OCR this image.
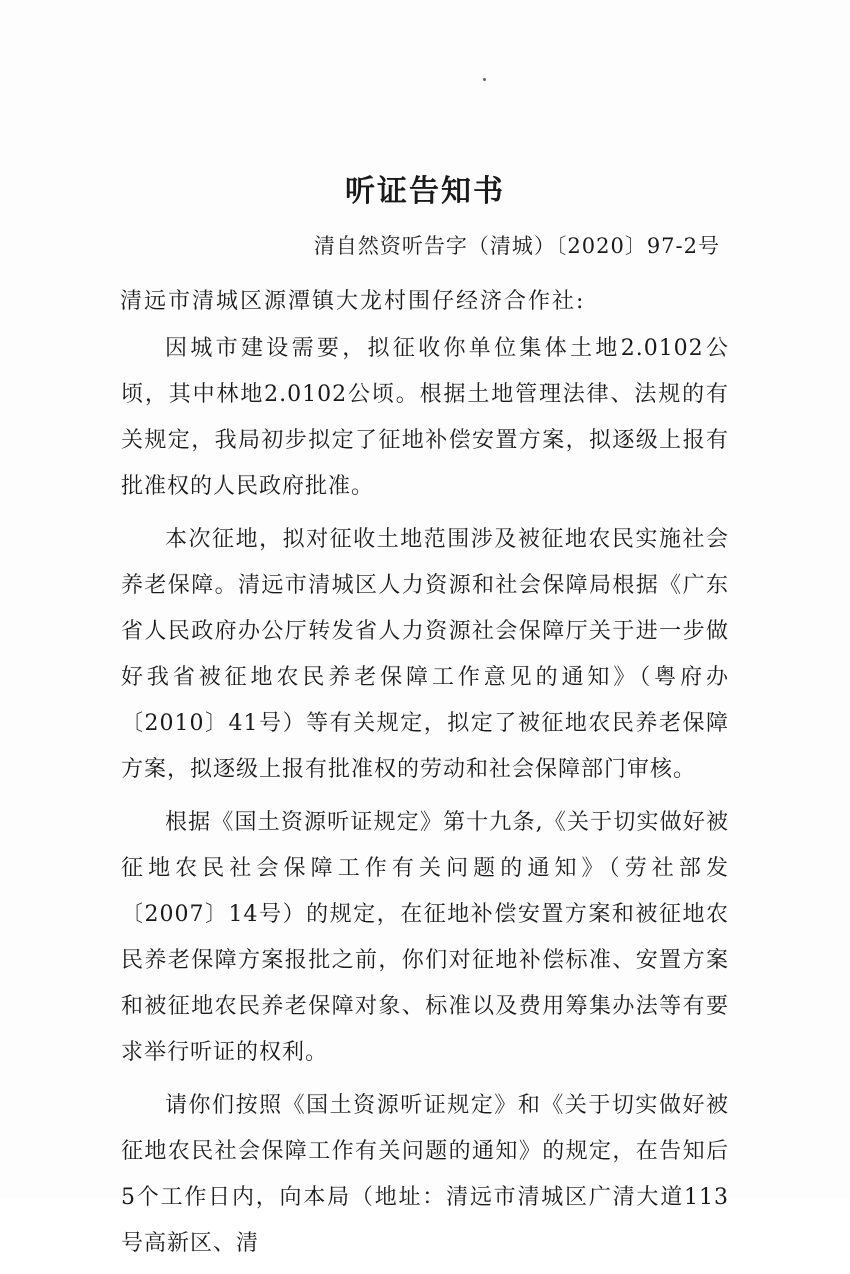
听证告知书
清自然资听告字（清城）〔2020〕97-2号
清远市清城区源潭镇大龙村围仔经济合作社:

因城市建设需要，拟征收你单位集体土地2.0102公顷，其中林地2.0102公顷。根据土地管理法律、法规的有关规定，我局初步拟定了征地补偿安置方案，拟逐级上报有批准权的人民政府批准。

本次征地，拟对征收土地范围涉及被征地农民实施社会养老保障。清远市清城区人力资源和社会保障局根据《广东省人民政府办公厅转发省人力资源社会保障厅关于进一步做好我省被征地农民养老保障工作意见的通知》（粤府办〔2010〕41号）等有关规定，拟定了被征地农民养老保障方案，拟逐级上报有批准权的劳动和社会保障部门审核。

根据《国土资源听证规定》第十九条,《关于切实做好被征地农民社会保障工作有关问题的通知》（劳社部发〔2007〕14号）的规定，在征地补偿安置方案和被征地农民养老保障方案报批之前，你们对征地补偿标准、安置方案和被征地农民养老保障对象、标准以及费用筹集办法等有要求举行听证的权利。

请你们按照《国土资源听证规定》和《关于切实做好被征地农民社会保障工作有关问题的通知》的规定，在告知后5个工作日内，向本局（地址：清远市清城区广清大道113号高新区、清
